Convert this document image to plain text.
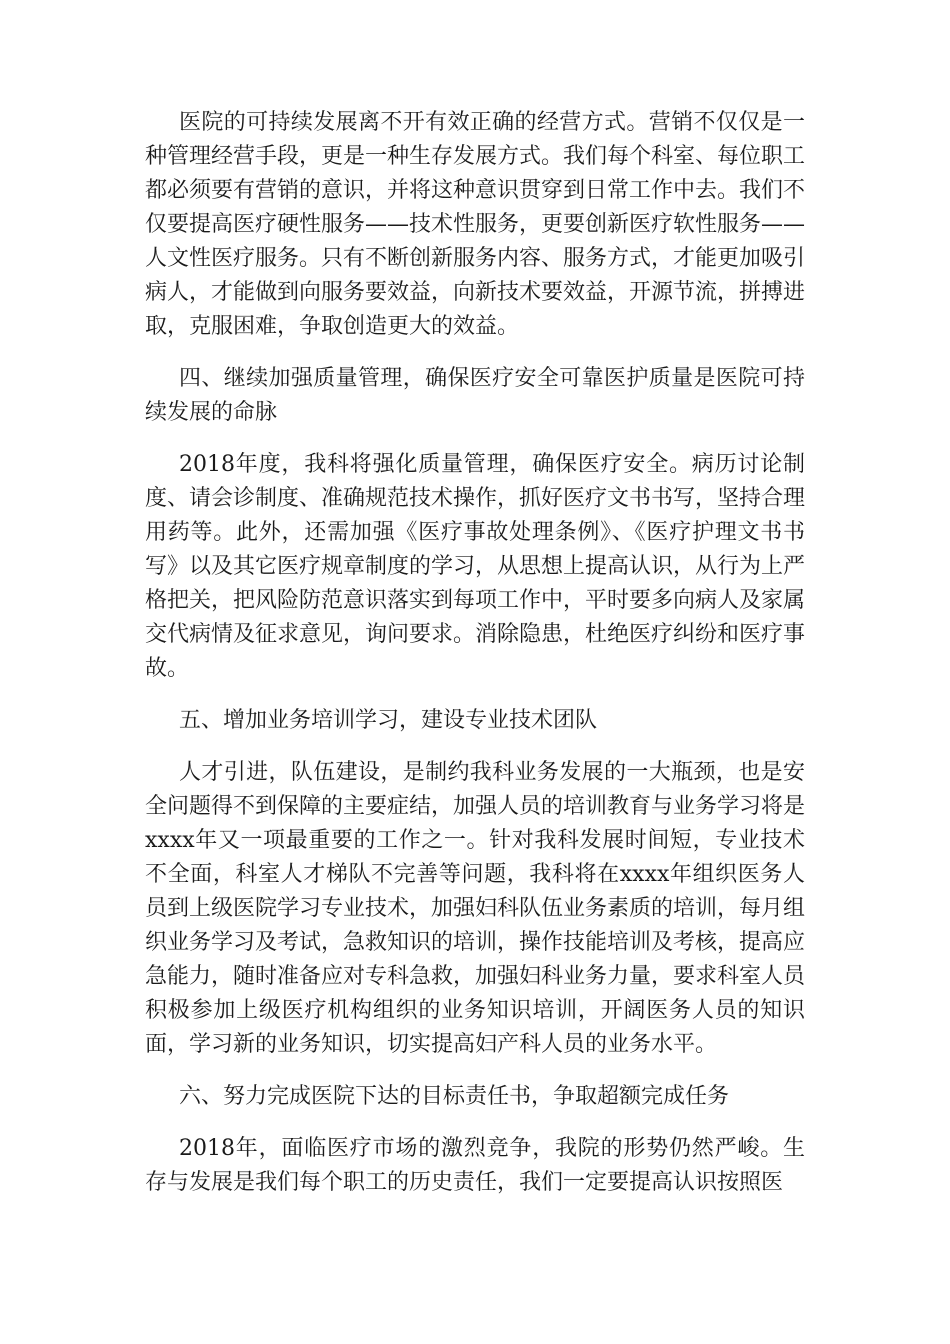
医院的可持续发展离不开有效正确的经营方式。营销不仅仅是一种管理经营手段，更是一种生存发展方式。我们每个科室、每位职工都必须要有营销的意识，并将这种意识贯穿到日常工作中去。我们不仅要提高医疗硬性服务——技术性服务，更要创新医疗软性服务——人文性医疗服务。只有不断创新服务内容、服务方式，才能更加吸引病人，才能做到向服务要效益，向新技术要效益，开源节流，拼搏进取，克服困难，争取创造更大的效益。

四、继续加强质量管理，确保医疗安全可靠医护质量是医院可持续发展的命脉

2018年度，我科将强化质量管理，确保医疗安全。病历讨论制度、请会诊制度、准确规范技术操作，抓好医疗文书书写，坚持合理用药等。此外，还需加强《医疗事故处理条例》、《医疗护理文书书写》以及其它医疗规章制度的学习，从思想上提高认识，从行为上严格把关，把风险防范意识落实到每项工作中，平时要多向病人及家属交代病情及征求意见，询问要求。消除隐患，杜绝医疗纠纷和医疗事故。

五、增加业务培训学习，建设专业技术团队

人才引进，队伍建设，是制约我科业务发展的一大瓶颈，也是安全问题得不到保障的主要症结，加强人员的培训教育与业务学习将是xxxx年又一项最重要的工作之一。针对我科发展时间短，专业技术不全面，科室人才梯队不完善等问题，我科将在xxxx年组织医务人员到上级医院学习专业技术，加强妇科队伍业务素质的培训，每月组织业务学习及考试，急救知识的培训，操作技能培训及考核，提高应急能力，随时准备应对专科急救，加强妇科业务力量，要求科室人员积极参加上级医疗机构组织的业务知识培训，开阔医务人员的知识面，学习新的业务知识，切实提高妇产科人员的业务水平。

六、努力完成医院下达的目标责任书，争取超额完成任务

2018年，面临医疗市场的激烈竞争，我院的形势仍然严峻。生存与发展是我们每个职工的历史责任，我们一定要提高认识按照医
